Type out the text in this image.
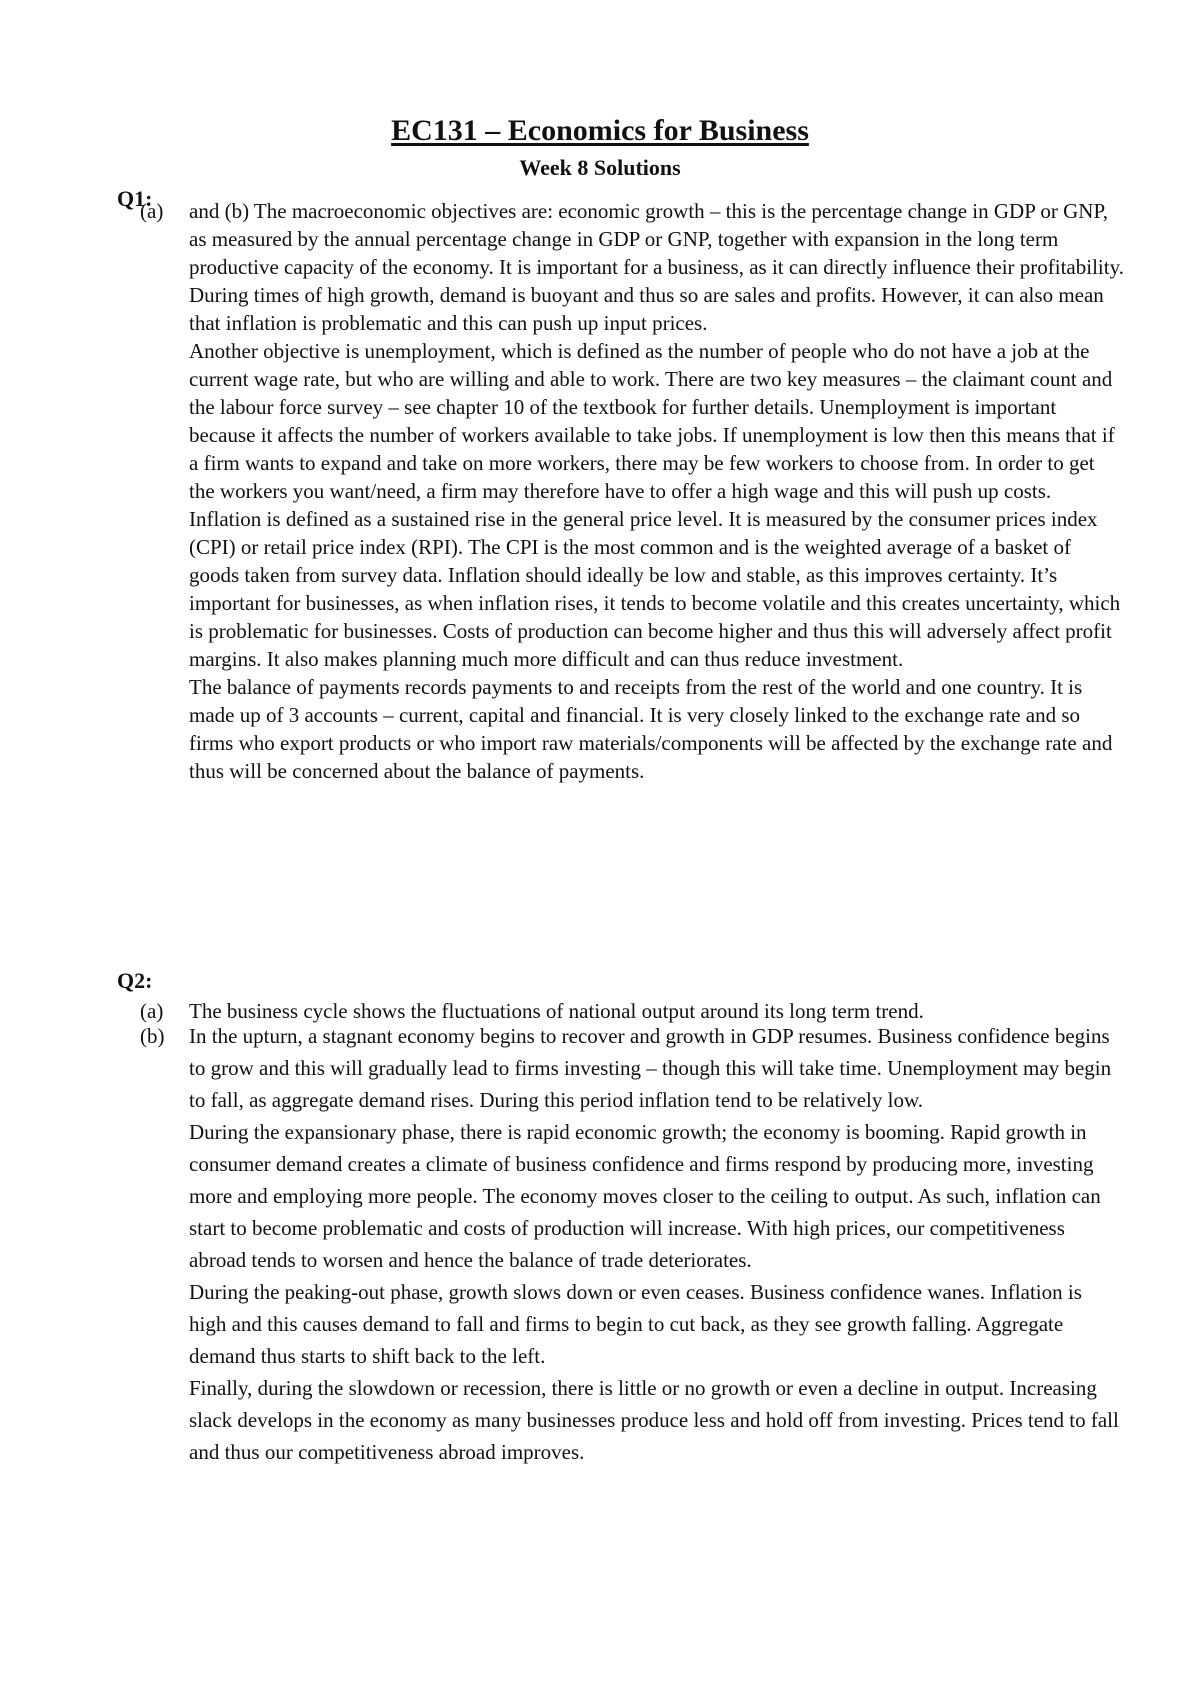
EC131 – Economics for Business
Week 8 Solutions
Q1:
(a) and (b) The macroeconomic objectives are: economic growth – this is the percentage change in GDP or GNP, as measured by the annual percentage change in GDP or GNP, together with expansion in the long term productive capacity of the economy. It is important for a business, as it can directly influence their profitability. During times of high growth, demand is buoyant and thus so are sales and profits. However, it can also mean that inflation is problematic and this can push up input prices.

Another objective is unemployment, which is defined as the number of people who do not have a job at the current wage rate, but who are willing and able to work. There are two key measures – the claimant count and the labour force survey – see chapter 10 of the textbook for further details. Unemployment is important because it affects the number of workers available to take jobs. If unemployment is low then this means that if a firm wants to expand and take on more workers, there may be few workers to choose from. In order to get the workers you want/need, a firm may therefore have to offer a high wage and this will push up costs.

Inflation is defined as a sustained rise in the general price level. It is measured by the consumer prices index (CPI) or retail price index (RPI). The CPI is the most common and is the weighted average of a basket of goods taken from survey data. Inflation should ideally be low and stable, as this improves certainty. It’s important for businesses, as when inflation rises, it tends to become volatile and this creates uncertainty, which is problematic for businesses. Costs of production can become higher and thus this will adversely affect profit margins. It also makes planning much more difficult and can thus reduce investment.

The balance of payments records payments to and receipts from the rest of the world and one country. It is made up of 3 accounts – current, capital and financial. It is very closely linked to the exchange rate and so firms who export products or who import raw materials/components will be affected by the exchange rate and thus will be concerned about the balance of payments.

Q2:
(a) The business cycle shows the fluctuations of national output around its long term trend.
(b) In the upturn, a stagnant economy begins to recover and growth in GDP resumes. Business confidence begins to grow and this will gradually lead to firms investing – though this will take time. Unemployment may begin to fall, as aggregate demand rises. During this period inflation tend to be relatively low.

During the expansionary phase, there is rapid economic growth; the economy is booming. Rapid growth in consumer demand creates a climate of business confidence and firms respond by producing more, investing more and employing more people. The economy moves closer to the ceiling to output. As such, inflation can start to become problematic and costs of production will increase. With high prices, our competitiveness abroad tends to worsen and hence the balance of trade deteriorates.

During the peaking-out phase, growth slows down or even ceases. Business confidence wanes. Inflation is high and this causes demand to fall and firms to begin to cut back, as they see growth falling. Aggregate demand thus starts to shift back to the left.

Finally, during the slowdown or recession, there is little or no growth or even a decline in output. Increasing slack develops in the economy as many businesses produce less and hold off from investing. Prices tend to fall and thus our competitiveness abroad improves.
